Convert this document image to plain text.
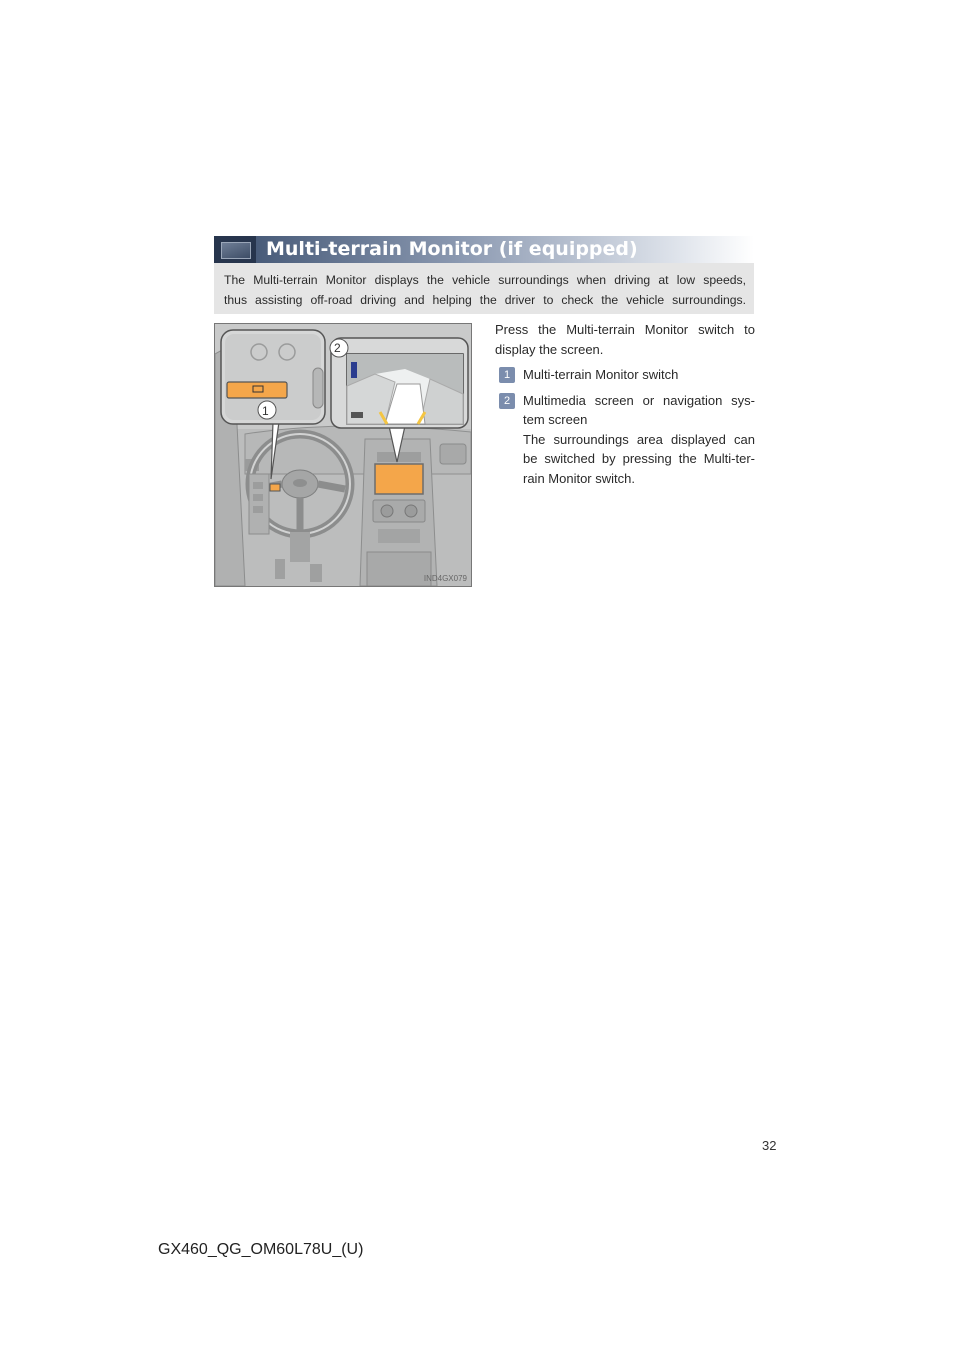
Multi-terrain Monitor (if equipped)
The Multi-terrain Monitor displays the vehicle surroundings when driving at low speeds,
thus assisting off-road driving and helping the driver to check the vehicle surroundings.
1
2
IND4GX079
Press the Multi-terrain Monitor switch to
display the screen.
1 Multi-terrain Monitor switch

2 Multimedia screen or navigation sys-

tem screen

The surroundings area displayed can

be switched by pressing the Multi-ter-

rain Monitor switch.

32
GX460_QG_OM60L78U_(U)
